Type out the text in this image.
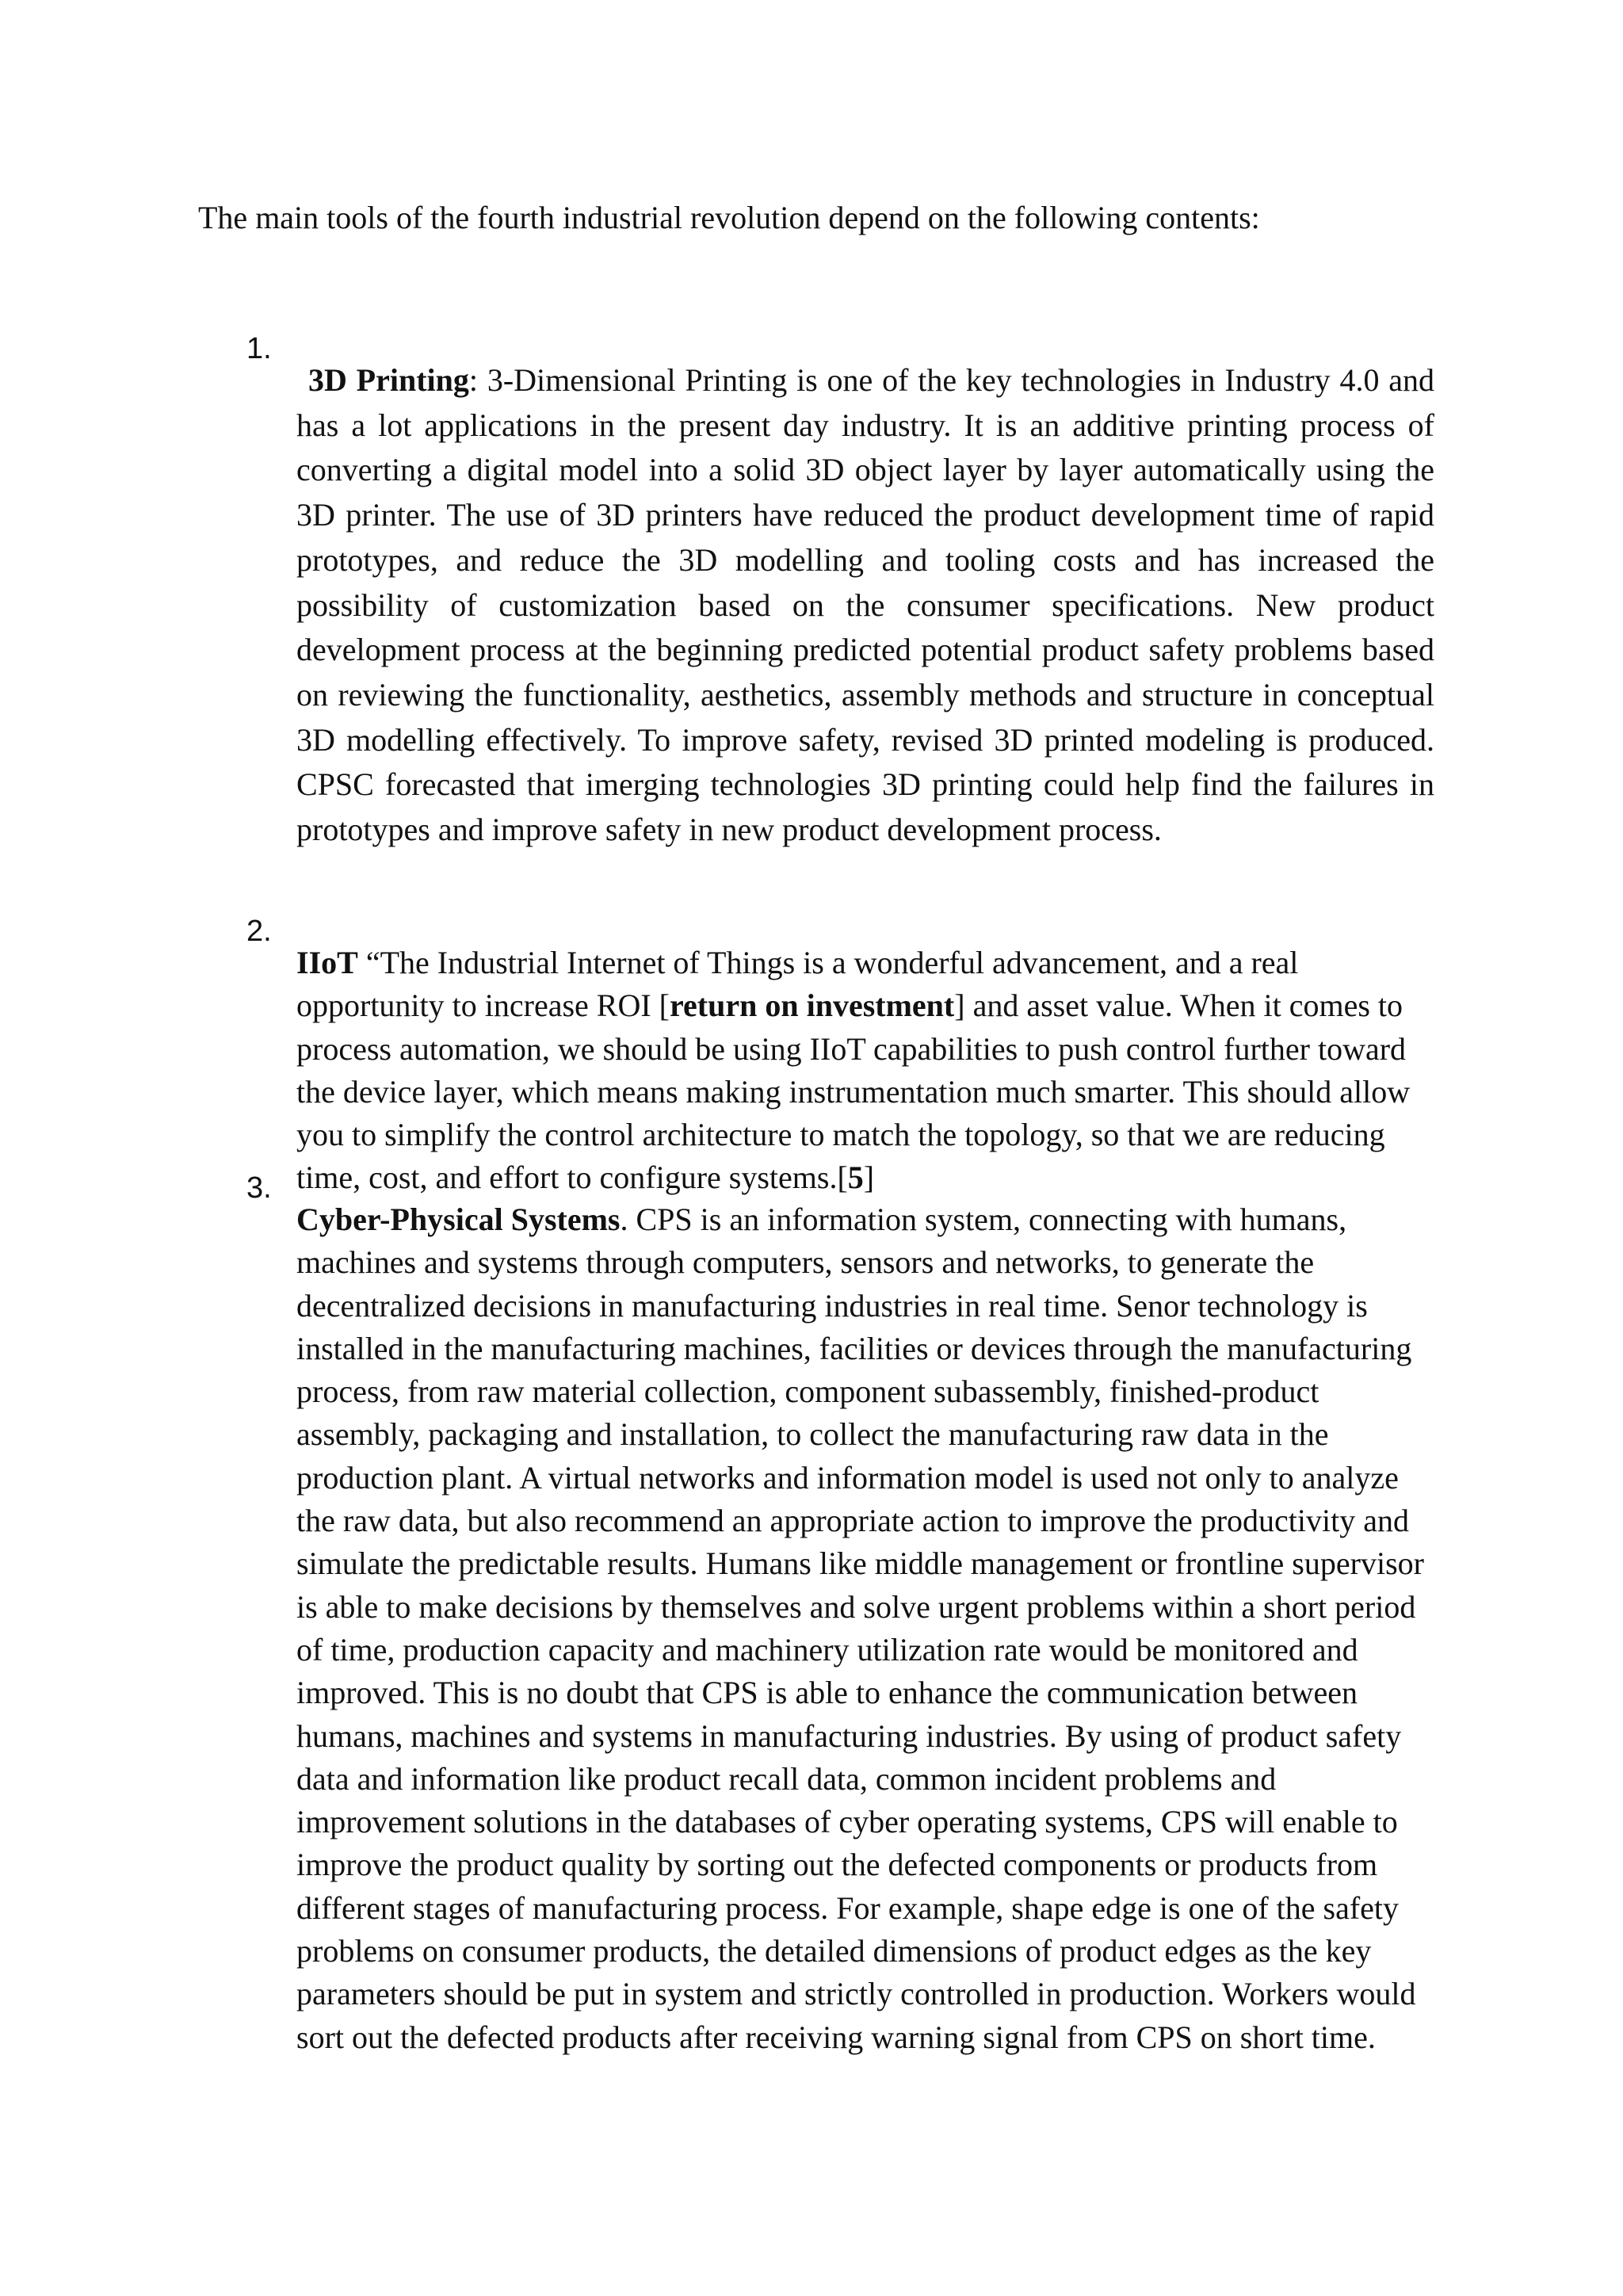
The main tools of the fourth industrial revolution depend on the following contents:

1.

3D Printing: 3-Dimensional Printing is one of the key technologies in Industry 4.0 and has a lot applications in the present day industry. It is an additive printing process of converting a digital model into a solid 3D object layer by layer automatically using the 3D printer. The use of 3D printers have reduced the product development time of rapid prototypes, and reduce the 3D modelling and tooling costs and has increased the possibility of customization based on the consumer specifications. New product development process at the beginning predicted potential product safety problems based on reviewing the functionality, aesthetics, assembly methods and structure in conceptual 3D modelling effectively. To improve safety, revised 3D printed modeling is produced. CPSC forecasted that imerging technologies 3D printing could help find the failures in prototypes and improve safety in new product development process.

2.

IIoT “The Industrial Internet of Things is a wonderful advancement, and a real opportunity to increase ROI [return on investment] and asset value. When it comes to process automation, we should be using IIoT capabilities to push control further toward the device layer, which means making instrumentation much smarter. This should allow you to simplify the control architecture to match the topology, so that we are reducing time, cost, and effort to configure systems.[5]

3.

Cyber-Physical Systems. CPS is an information system, connecting with humans, machines and systems through computers, sensors and networks, to generate the decentralized decisions in manufacturing industries in real time. Senor technology is installed in the manufacturing machines, facilities or devices through the manufacturing process, from raw material collection, component subassembly, finished-product assembly, packaging and installation, to collect the manufacturing raw data in the production plant. A virtual networks and information model is used not only to analyze the raw data, but also recommend an appropriate action to improve the productivity and simulate the predictable results. Humans like middle management or frontline supervisor is able to make decisions by themselves and solve urgent problems within a short period of time, production capacity and machinery utilization rate would be monitored and improved. This is no doubt that CPS is able to enhance the communication between humans, machines and systems in manufacturing industries. By using of product safety data and information like product recall data, common incident problems and improvement solutions in the databases of cyber operating systems, CPS will enable to improve the product quality by sorting out the defected components or products from different stages of manufacturing process. For example, shape edge is one of the safety problems on consumer products, the detailed dimensions of product edges as the key parameters should be put in system and strictly controlled in production. Workers would sort out the defected products after receiving warning signal from CPS on short time.
